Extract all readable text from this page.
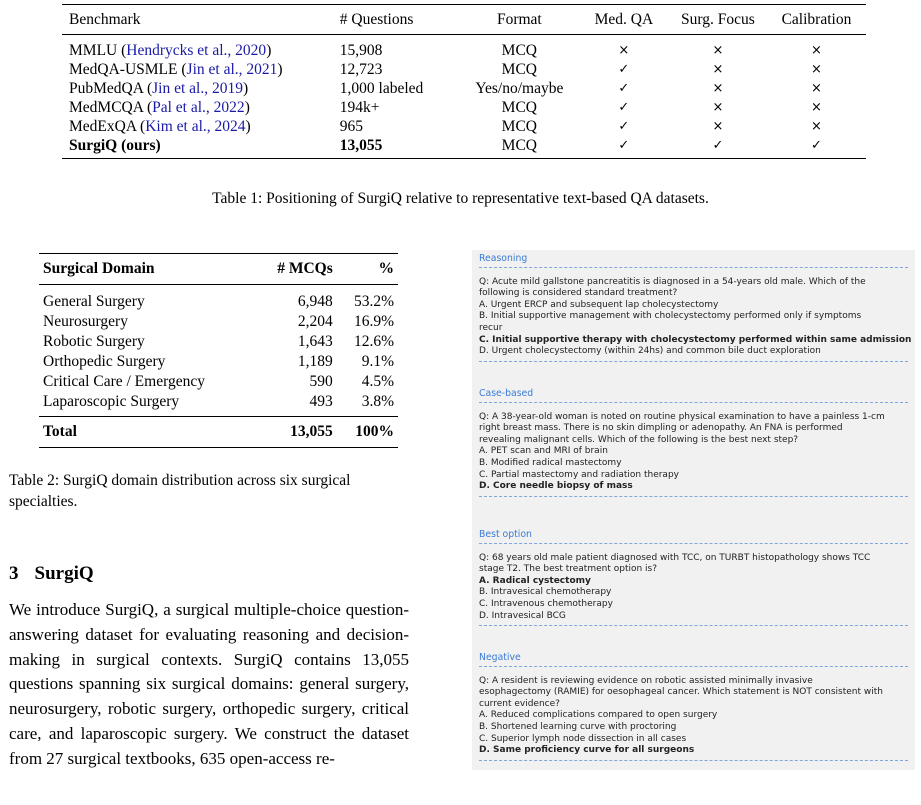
Benchmark	# Questions	Format	Med. QA	Surg. Focus	Calibration
MMLU (Hendrycks et al., 2020)	15,908	MCQ	×	×	×
MedQA-USMLE (Jin et al., 2021)	12,723	MCQ	✓	×	×
PubMedQA (Jin et al., 2019)	1,000 labeled	Yes/no/maybe	✓	×	×
MedMCQA (Pal et al., 2022)	194k+	MCQ	✓	×	×
MedExQA (Kim et al., 2024)	965	MCQ	✓	×	×
SurgiQ (ours)	13,055	MCQ	✓	✓	✓
Table 1: Positioning of SurgiQ relative to representative text-based QA datasets.
Surgical Domain	# MCQs	%
General Surgery	6,948	53.2%
Neurosurgery	2,204	16.9%
Robotic Surgery	1,643	12.6%
Orthopedic Surgery	1,189	9.1%
Critical Care / Emergency	590	4.5%
Laparoscopic Surgery	493	3.8%
Total	13,055	100%
Table 2: SurgiQ domain distribution across six surgical specialties.
3 SurgiQ
We introduce SurgiQ, a surgical multiple-choice question-answering dataset for evaluating reasoning and decision-making in surgical contexts. SurgiQ contains 13,055 questions spanning six surgical domains: general surgery, neurosurgery, robotic surgery, orthopedic surgery, critical care, and laparoscopic surgery. We construct the dataset from 27 surgical textbooks, 635 open-access re-
Reasoning
Q: Acute mild gallstone pancreatitis is diagnosed in a 54-years old male. Which of the
following is considered standard treatment?
A. Urgent ERCP and subsequent lap cholecystectomy
B. Initial supportive management with cholecystectomy performed only if symptoms
recur
C. Initial supportive therapy with cholecystectomy performed within same admission
D. Urgent cholecystectomy (within 24hs) and common bile duct exploration
Case-based
Q: A 38-year-old woman is noted on routine physical examination to have a painless 1-cm
right breast mass. There is no skin dimpling or adenopathy. An FNA is performed
revealing malignant cells. Which of the following is the best next step?
A. PET scan and MRI of brain
B. Modified radical mastectomy
C. Partial mastectomy and radiation therapy
D. Core needle biopsy of mass
Best option
Q: 68 years old male patient diagnosed with TCC, on TURBT histopathology shows TCC
stage T2. The best treatment option is?
A. Radical cystectomy
B. Intravesical chemotherapy
C. Intravenous chemotherapy
D. Intravesical BCG
Negative
Q: A resident is reviewing evidence on robotic assisted minimally invasive
esophagectomy (RAMIE) for oesophageal cancer. Which statement is NOT consistent with
current evidence?
A. Reduced complications compared to open surgery
B. Shortened learning curve with proctoring
C. Superior lymph node dissection in all cases
D. Same proficiency curve for all surgeons
